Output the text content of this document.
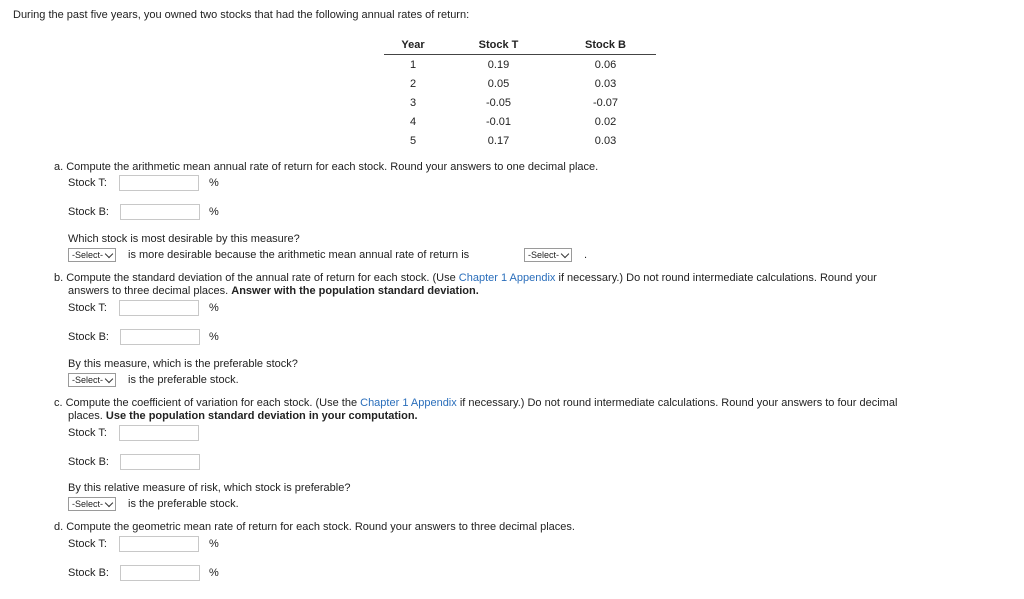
During the past five years, you owned two stocks that had the following annual rates of return:
Year	Stock T	Stock B
1	0.19	0.06
2	0.05	0.03
3	-0.05	-0.07
4	-0.01	0.02
5	0.17	0.03
a. Compute the arithmetic mean annual rate of return for each stock. Round your answers to one decimal place.
Stock T:	%
Stock B:	%
Which stock is most desirable by this measure?
-Select- is more desirable because the arithmetic mean annual rate of return is	-Select- .
b. Compute the standard deviation of the annual rate of return for each stock. (Use Chapter 1 Appendix if necessary.) Do not round intermediate calculations. Round your
answers to three decimal places. Answer with the population standard deviation.
Stock T:	%
Stock B:	%
By this measure, which is the preferable stock?
-Select- is the preferable stock.
c. Compute the coefficient of variation for each stock. (Use the Chapter 1 Appendix if necessary.) Do not round intermediate calculations. Round your answers to four decimal
places. Use the population standard deviation in your computation.
Stock T:
Stock B:
By this relative measure of risk, which stock is preferable?
-Select- is the preferable stock.
d. Compute the geometric mean rate of return for each stock. Round your answers to three decimal places.
Stock T:	%
Stock B:	%
